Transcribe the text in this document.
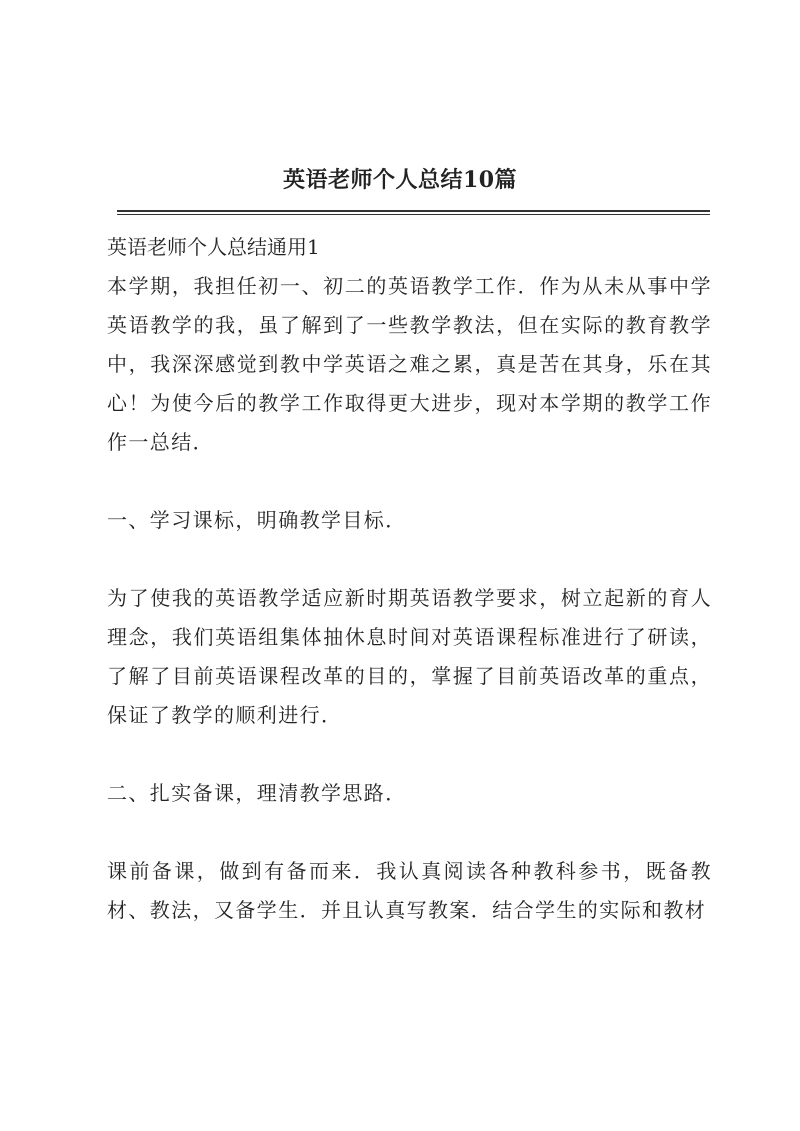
英语老师个人总结10篇

英语老师个人总结通用1

本学期，我担任初一、初二的英语教学工作．作为从未从事中学英语教学的我，虽了解到了一些教学教法，但在实际的教育教学中，我深深感觉到教中学英语之难之累，真是苦在其身，乐在其心！为使今后的教学工作取得更大进步，现对本学期的教学工作作一总结．

一、学习课标，明确教学目标．

为了使我的英语教学适应新时期英语教学要求，树立起新的育人理念，我们英语组集体抽休息时间对英语课程标准进行了研读，了解了目前英语课程改革的目的，掌握了目前英语改革的重点，保证了教学的顺利进行．

二、扎实备课，理清教学思路．

课前备课，做到有备而来．我认真阅读各种教科参书，既备教材、教法，又备学生．并且认真写教案．结合学生的实际和教材
